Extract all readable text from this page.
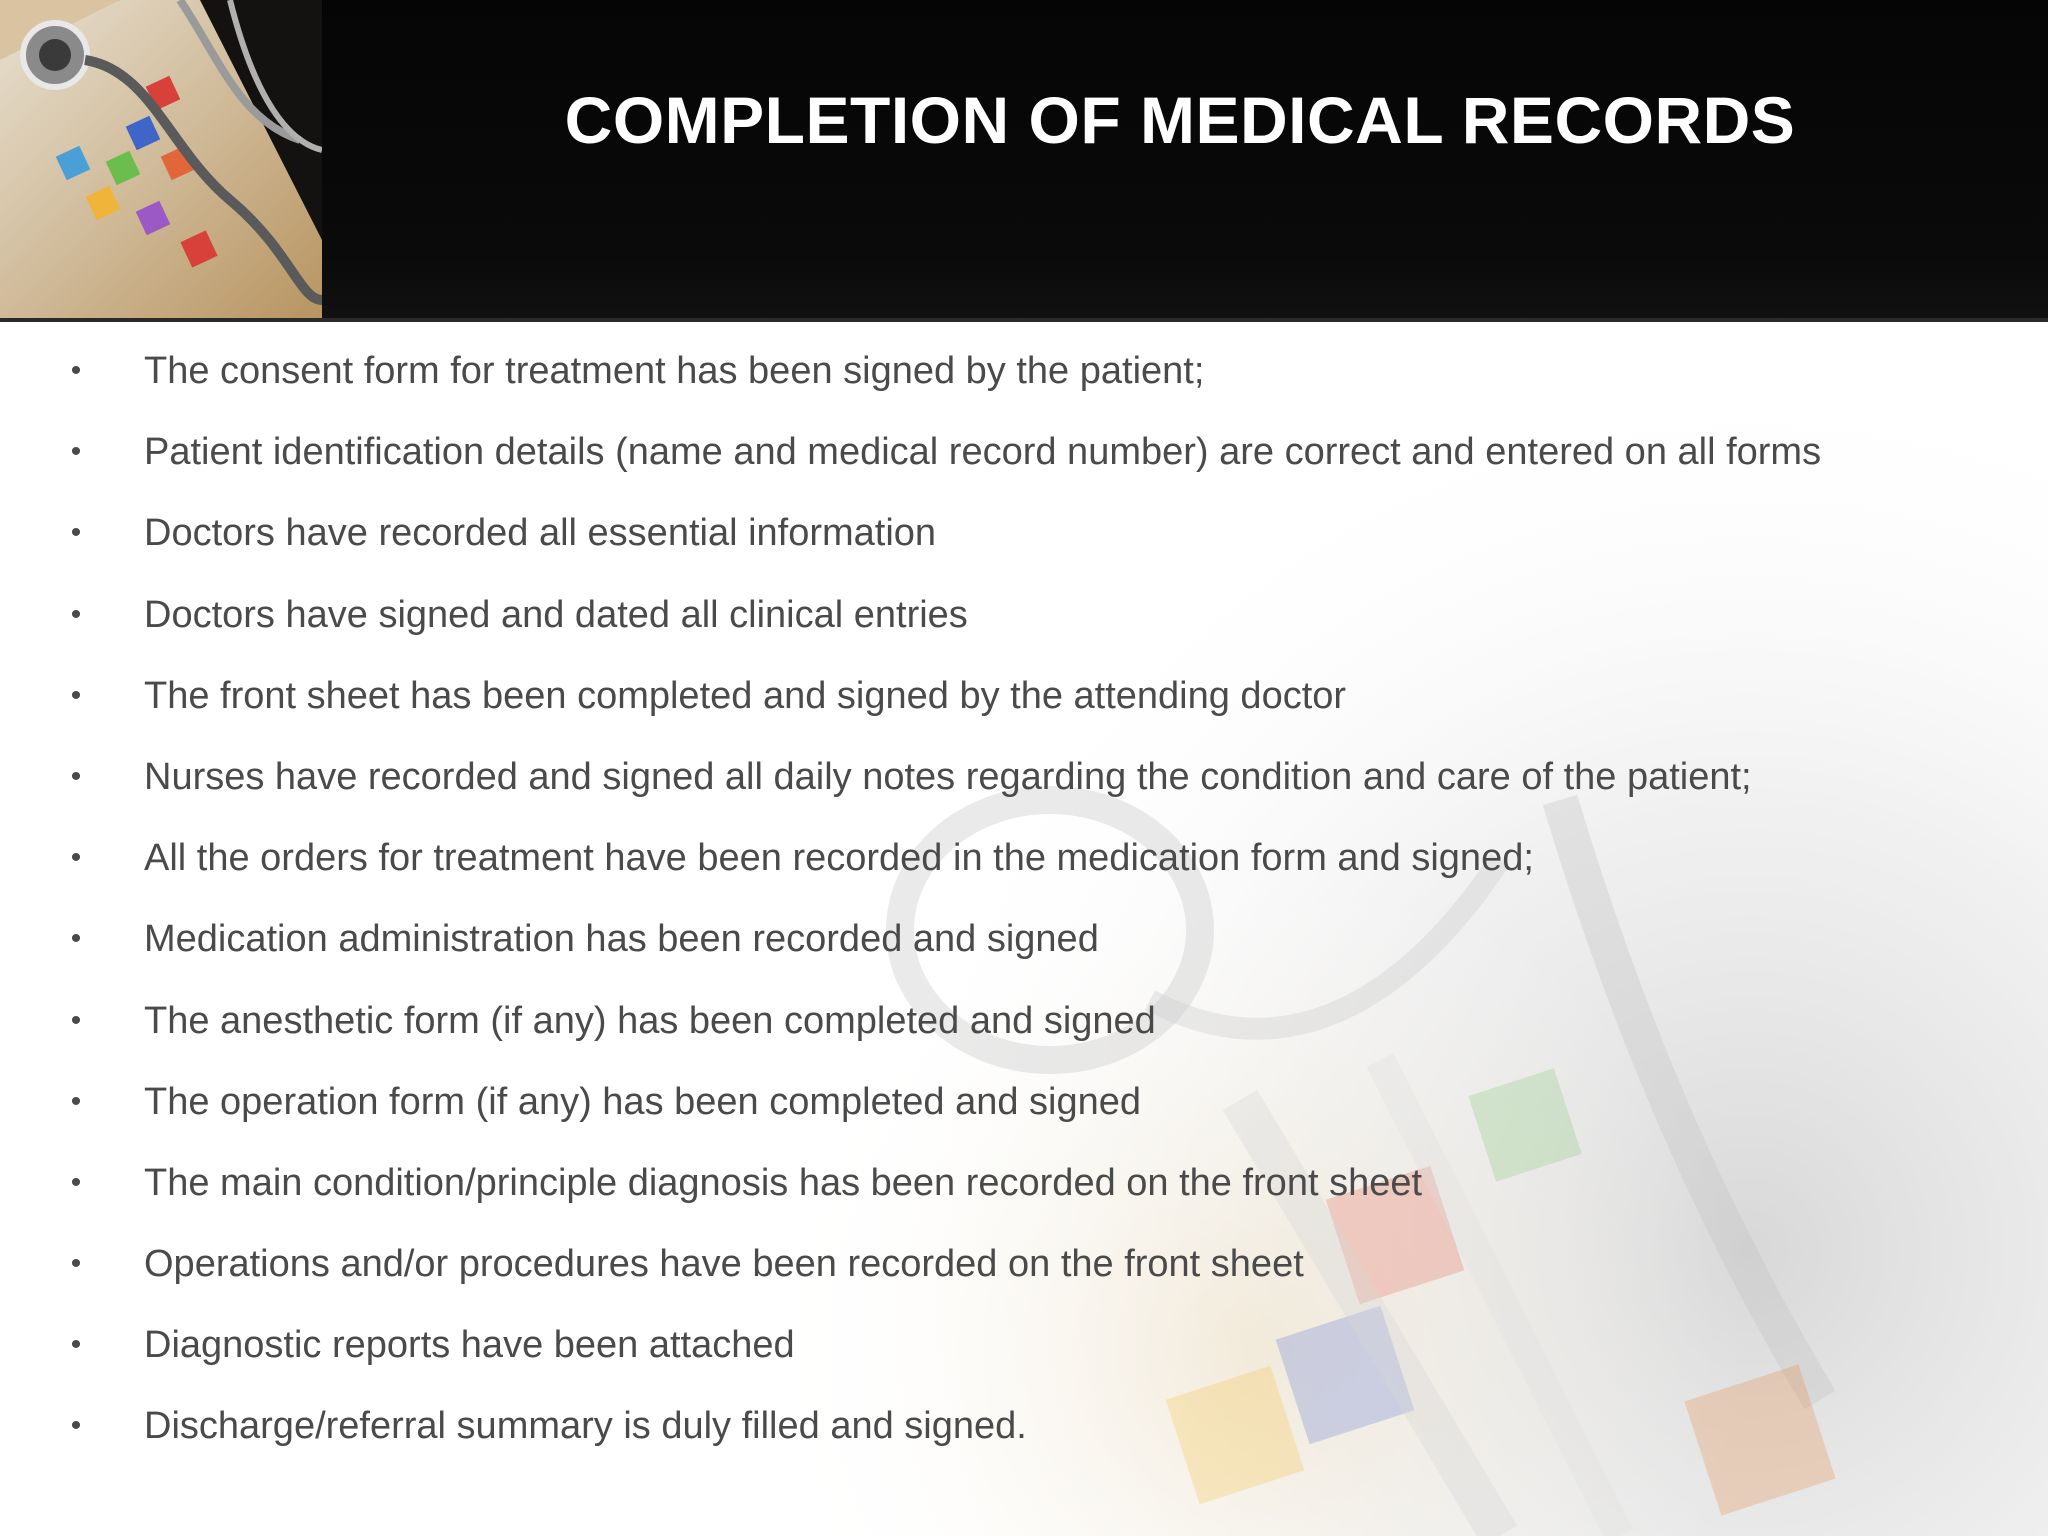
COMPLETION OF MEDICAL RECORDS
• The consent form for treatment has been signed by the patient;
• Patient identification details (name and medical record number) are correct and entered on all forms
• Doctors have recorded all essential information
• Doctors have signed and dated all clinical entries
• The front sheet has been completed and signed by the attending doctor
• Nurses have recorded and signed all daily notes regarding the condition and care of the patient;
• All the orders for treatment have been recorded in the medication form and signed;
• Medication administration has been recorded and signed
• The anesthetic form (if any) has been completed and signed
• The operation form (if any) has been completed and signed
• The main condition/principle diagnosis has been recorded on the front sheet
• Operations and/or procedures have been recorded on the front sheet
• Diagnostic reports have been attached
• Discharge/referral summary is duly filled and signed.
